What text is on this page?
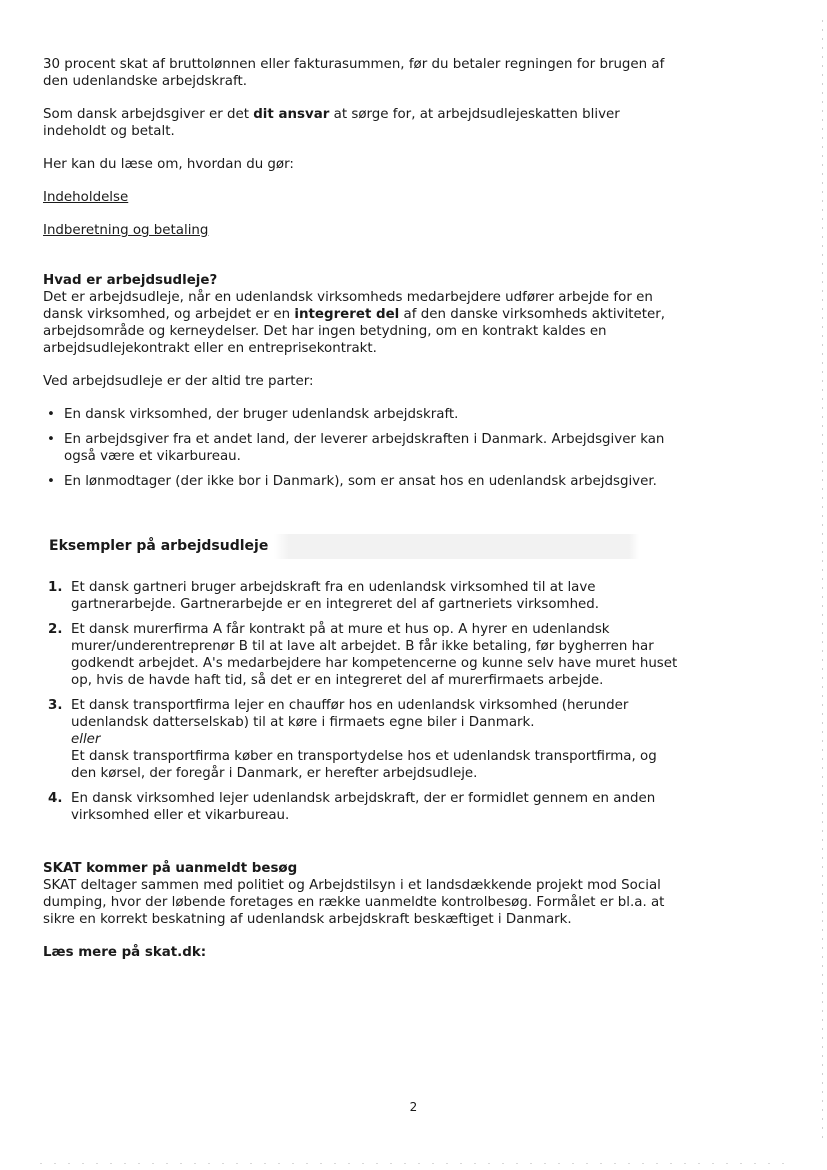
30 procent skat af bruttolønnen eller fakturasummen, før du betaler regningen for brugen af den udenlandske arbejdskraft.

Som dansk arbejdsgiver er det dit ansvar at sørge for, at arbejdsudlejeskatten bliver indeholdt og betalt.

Her kan du læse om, hvordan du gør:

Indeholdelse

Indberetning og betaling

Hvad er arbejdsudleje?

Det er arbejdsudleje, når en udenlandsk virksomheds medarbejdere udfører arbejde for en dansk virksomhed, og arbejdet er en integreret del af den danske virksomheds aktiviteter, arbejdsområde og kerneydelser. Det har ingen betydning, om en kontrakt kaldes en arbejdsudlejekontrakt eller en entreprisekontrakt.

Ved arbejdsudleje er der altid tre parter:

• En dansk virksomhed, der bruger udenlandsk arbejdskraft.
• En arbejdsgiver fra et andet land, der leverer arbejdskraften i Danmark. Arbejdsgiver kan også være et vikarbureau.
• En lønmodtager (der ikke bor i Danmark), som er ansat hos en udenlandsk arbejdsgiver.
Eksempler på arbejdsudleje
1. Et dansk gartneri bruger arbejdskraft fra en udenlandsk virksomhed til at lave gartnerarbejde. Gartnerarbejde er en integreret del af gartneriets virksomhed.
2. Et dansk murerfirma A får kontrakt på at mure et hus op. A hyrer en udenlandsk murer/underentreprenør B til at lave alt arbejdet. B får ikke betaling, før bygherren har godkendt arbejdet. A's medarbejdere har kompetencerne og kunne selv have muret huset op, hvis de havde haft tid, så det er en integreret del af murerfirmaets arbejde.
3. Et dansk transportfirma lejer en chauffør hos en udenlandsk virksomhed (herunder udenlandsk datterselskab) til at køre i firmaets egne biler i Danmark.
eller
Et dansk transportfirma køber en transportydelse hos et udenlandsk transportfirma, og den kørsel, der foregår i Danmark, er herefter arbejdsudleje.
4. En dansk virksomhed lejer udenlandsk arbejdskraft, der er formidlet gennem en anden virksomhed eller et vikarbureau.

SKAT kommer på uanmeldt besøg

SKAT deltager sammen med politiet og Arbejdstilsyn i et landsdækkende projekt mod Social dumping, hvor der løbende foretages en række uanmeldte kontrolbesøg. Formålet er bl.a. at sikre en korrekt beskatning af udenlandsk arbejdskraft beskæftiget i Danmark.

Læs mere på skat.dk:

2
